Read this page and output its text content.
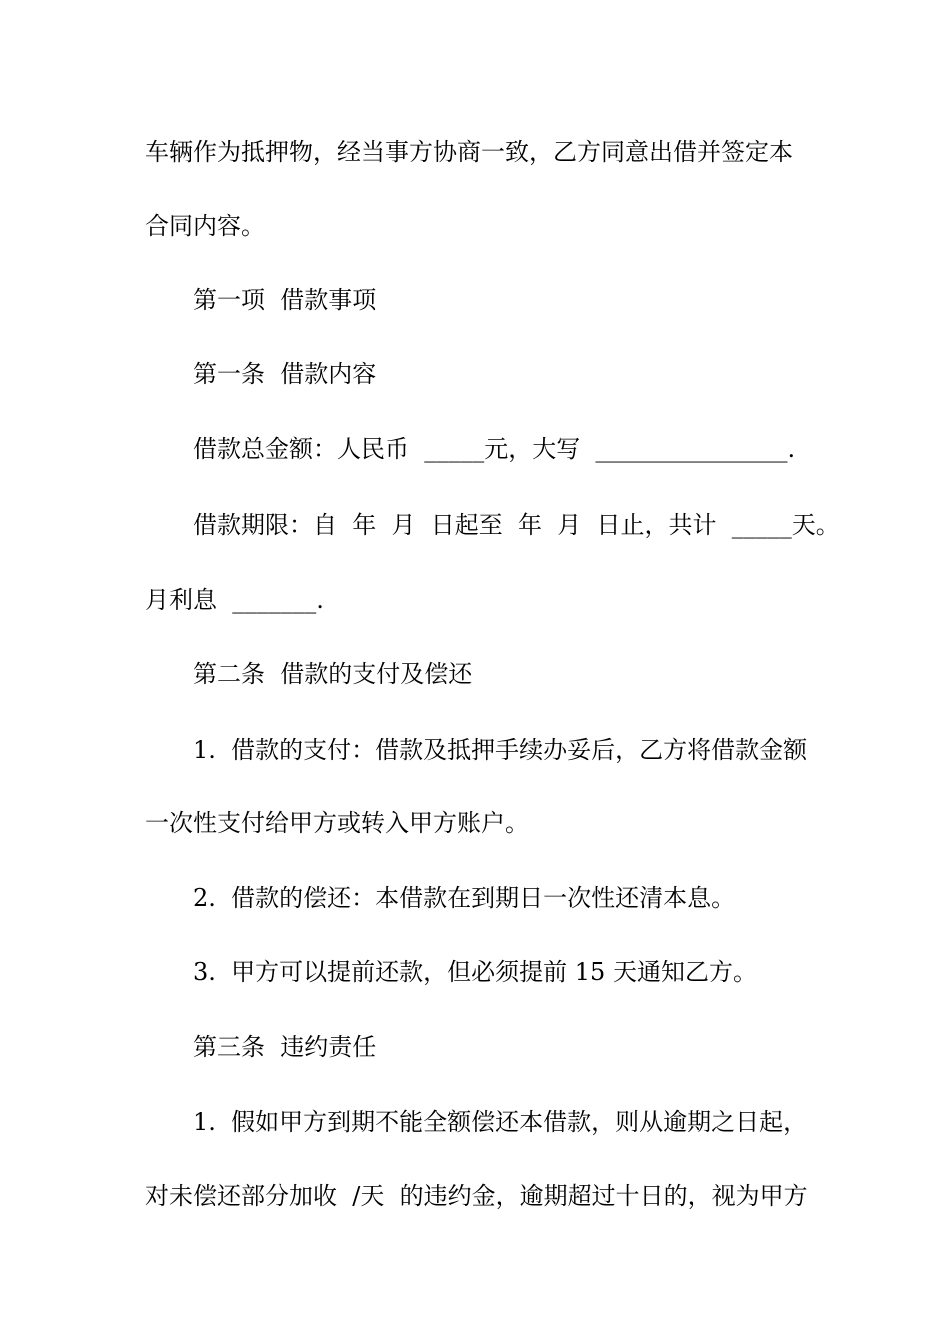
车辆作为抵押物，经当事方协商一致，乙方同意出借并签定本
合同内容。
第一项  借款事项
第一条  借款内容
借款总金额：人民币  _____元，大写  ________________.
借款期限：自  年  月  日起至  年  月  日止，共计  _____天。
月利息  _______.
第二条  借款的支付及偿还
1.  借款的支付：借款及抵押手续办妥后，乙方将借款金额
一次性支付给甲方或转入甲方账户。
2.  借款的偿还：本借款在到期日一次性还清本息。
3.  甲方可以提前还款，但必须提前 15 天通知乙方。
第三条  违约责任
1.  假如甲方到期不能全额偿还本借款，则从逾期之日起，
对未偿还部分加收  /天  的违约金，逾期超过十日的，视为甲方
